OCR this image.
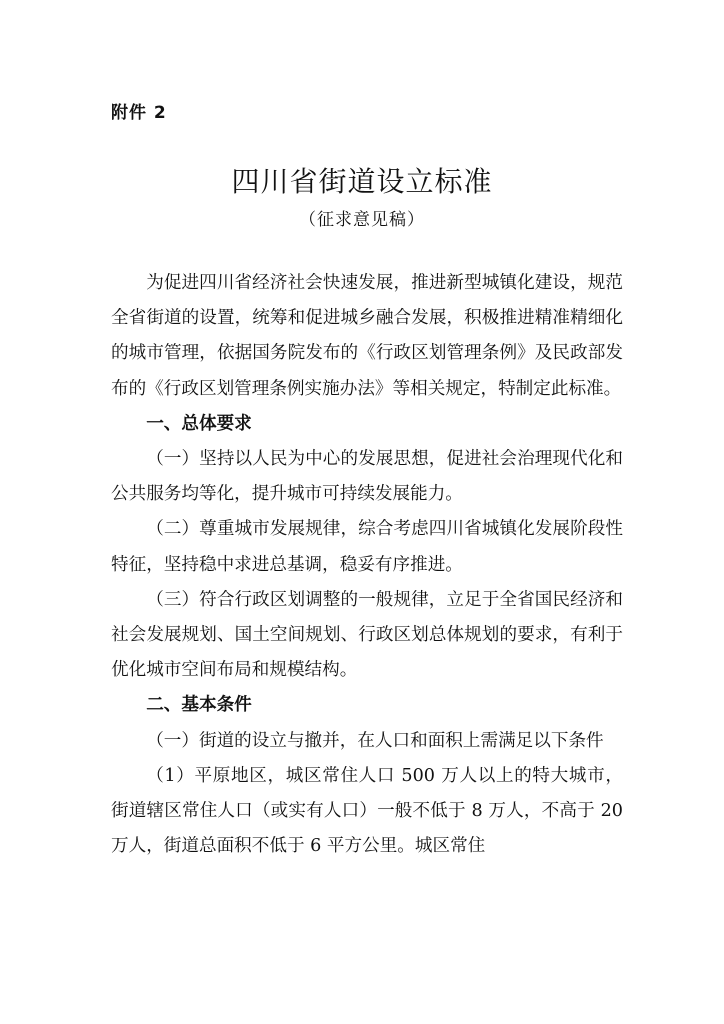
附件 2
四川省街道设立标准
（征求意见稿）

为促进四川省经济社会快速发展，推进新型城镇化建设，规范全省街道的设置，统筹和促进城乡融合发展，积极推进精准精细化的城市管理，依据国务院发布的《行政区划管理条例》及民政部发布的《行政区划管理条例实施办法》等相关规定，特制定此标准。

一、总体要求

（一）坚持以人民为中心的发展思想，促进社会治理现代化和公共服务均等化，提升城市可持续发展能力。

（二）尊重城市发展规律，综合考虑四川省城镇化发展阶段性特征，坚持稳中求进总基调，稳妥有序推进。

（三）符合行政区划调整的一般规律，立足于全省国民经济和社会发展规划、国土空间规划、行政区划总体规划的要求，有利于优化城市空间布局和规模结构。

二、基本条件

（一）街道的设立与撤并，在人口和面积上需满足以下条件

（1）平原地区，城区常住人口 500 万人以上的特大城市，街道辖区常住人口（或实有人口）一般不低于 8 万人，不高于 20 万人，街道总面积不低于 6 平方公里。城区常住
